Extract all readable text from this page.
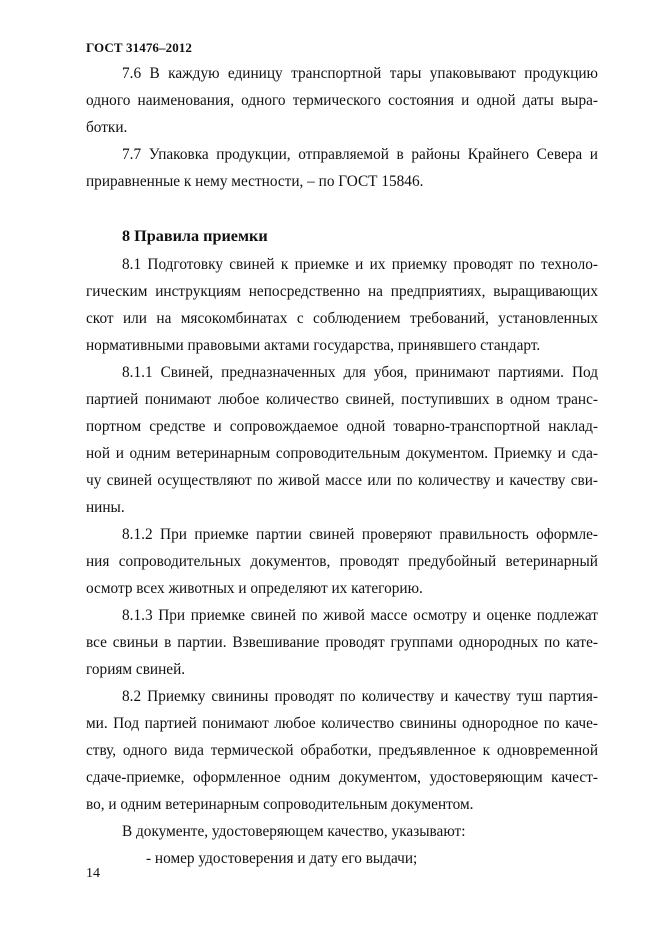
ГОСТ 31476–2012
7.6 В каждую единицу транспортной тары упаковывают продукцию
одного наименования, одного термического состояния и одной даты выра-
ботки.
7.7 Упаковка продукции, отправляемой в районы Крайнего Севера и
приравненные к нему местности, – по ГОСТ 15846.
8 Правила приемки
8.1 Подготовку свиней к приемке и их приемку проводят по техноло-
гическим инструкциям непосредственно на предприятиях, выращивающих
скот или на мясокомбинатах с соблюдением требований, установленных
нормативными правовыми актами государства, принявшего стандарт.
8.1.1 Свиней, предназначенных для убоя, принимают партиями. Под
партией понимают любое количество свиней, поступивших в одном транс-
портном средстве и сопровождаемое одной товарно-транспортной наклад-
ной и одним ветеринарным сопроводительным документом. Приемку и сда-
чу свиней осуществляют по живой массе или по количеству и качеству сви-
нины.
8.1.2 При приемке партии свиней проверяют правильность оформле-
ния сопроводительных документов, проводят предубойный ветеринарный
осмотр всех животных и определяют их категорию.
8.1.3 При приемке свиней по живой массе осмотру и оценке подлежат
все свиньи в партии. Взвешивание проводят группами однородных по кате-
гориям свиней.
8.2 Приемку свинины проводят по количеству и качеству туш партия-
ми. Под партией понимают любое количество свинины однородное по каче-
ству, одного вида термической обработки, предъявленное к одновременной
сдаче-приемке, оформленное одним документом, удостоверяющим качест-
во, и одним ветеринарным сопроводительным документом.
В документе, удостоверяющем качество, указывают:
- номер удостоверения и дату его выдачи;
14
